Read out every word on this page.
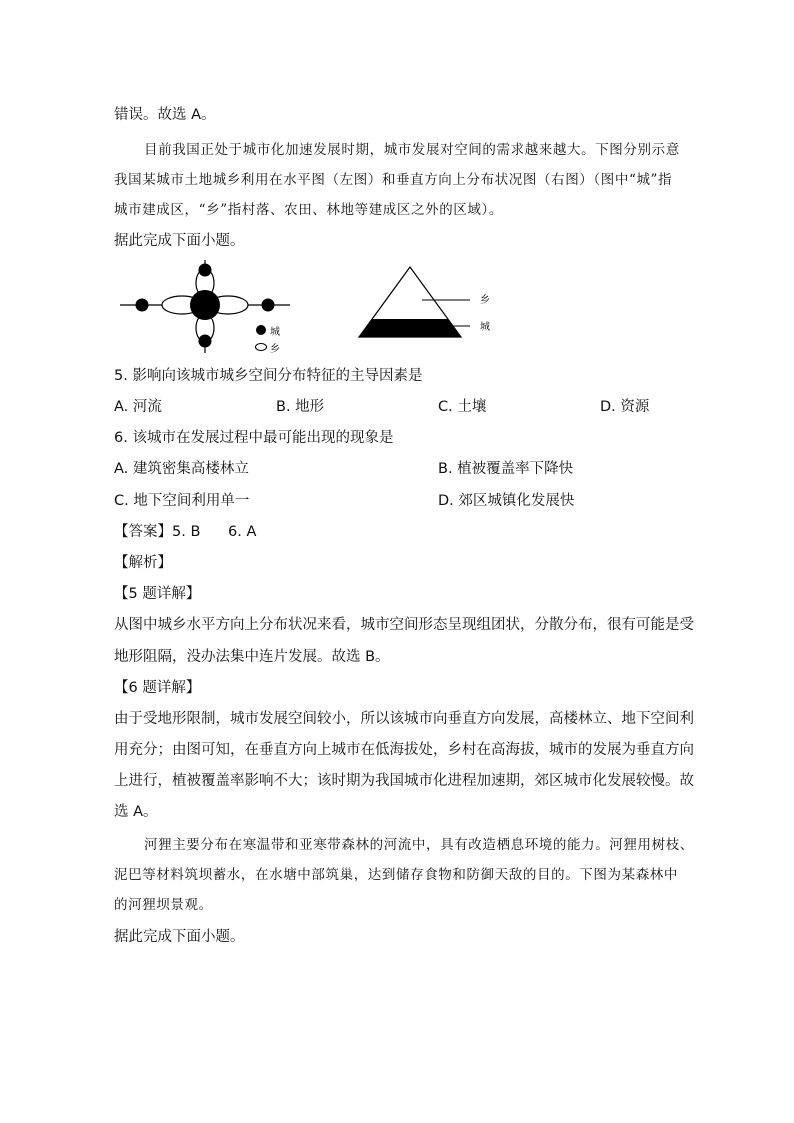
错误。故选 A。
目前我国正处于城市化加速发展时期，城市发展对空间的需求越来越大。下图分别示意
我国某城市土地城乡利用在水平图（左图）和垂直方向上分布状况图（右图）（图中“城”指
城市建成区，“乡”指村落、农田、林地等建成区之外的区域）。
据此完成下面小题。
城
乡
乡
城
5. 影响向该城市城乡空间分布特征的主导因素是
A. 河流	B. 地形	C. 土壤	D. 资源
6. 该城市在发展过程中最可能出现的现象是
A. 建筑密集高楼林立	B. 植被覆盖率下降快
C. 地下空间利用单一	D. 郊区城镇化发展快
【答案】5. B      6. A
【解析】
【5 题详解】
从图中城乡水平方向上分布状况来看，城市空间形态呈现组团状，分散分布，很有可能是受
地形阻隔，没办法集中连片发展。故选 B。
【6 题详解】
由于受地形限制，城市发展空间较小，所以该城市向垂直方向发展，高楼林立、地下空间利
用充分；由图可知，在垂直方向上城市在低海拔处，乡村在高海拔，城市的发展为垂直方向
上进行，植被覆盖率影响不大；该时期为我国城市化进程加速期，郊区城市化发展较慢。故
选 A。
河狸主要分布在寒温带和亚寒带森林的河流中，具有改造栖息环境的能力。河狸用树枝、
泥巴等材料筑坝蓄水，在水塘中部筑巢，达到储存食物和防御天敌的目的。下图为某森林中
的河狸坝景观。
据此完成下面小题。
